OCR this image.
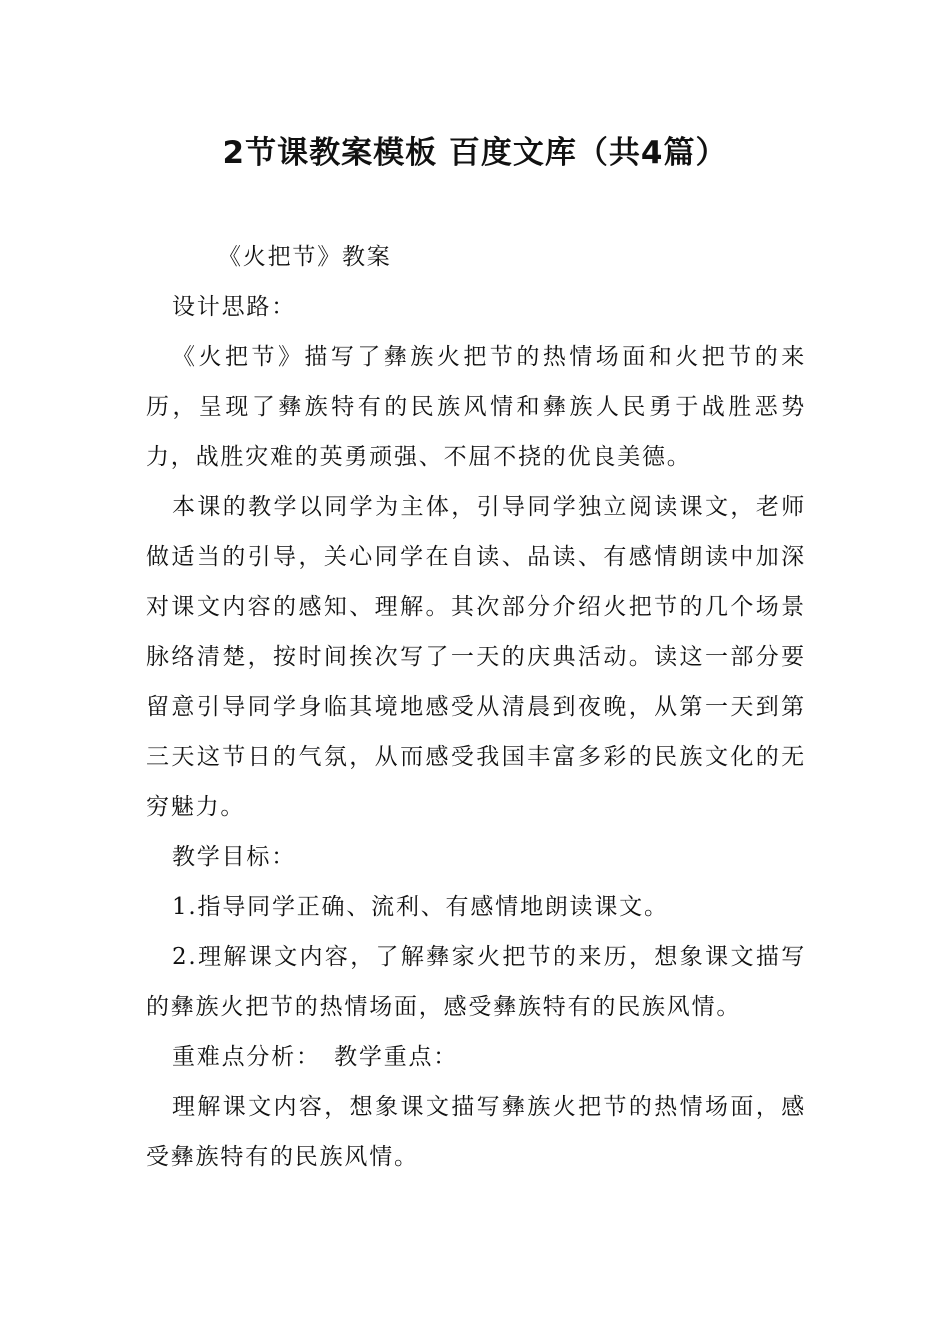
2节课教案模板 百度文库（共4篇）

《火把节》教案

设计思路：

《火把节》描写了彝族火把节的热情场面和火把节的来历，呈现了彝族特有的民族风情和彝族人民勇于战胜恶势力，战胜灾难的英勇顽强、不屈不挠的优良美德。

本课的教学以同学为主体，引导同学独立阅读课文，老师做适当的引导，关心同学在自读、品读、有感情朗读中加深对课文内容的感知、理解。其次部分介绍火把节的几个场景脉络清楚，按时间挨次写了一天的庆典活动。读这一部分要留意引导同学身临其境地感受从清晨到夜晚，从第一天到第三天这节日的气氛，从而感受我国丰富多彩的民族文化的无穷魅力。

教学目标：

1.指导同学正确、流利、有感情地朗读课文。

2.理解课文内容，了解彝家火把节的来历，想象课文描写的彝族火把节的热情场面，感受彝族特有的民族风情。

重难点分析：　教学重点：

理解课文内容，想象课文描写彝族火把节的热情场面，感受彝族特有的民族风情。
